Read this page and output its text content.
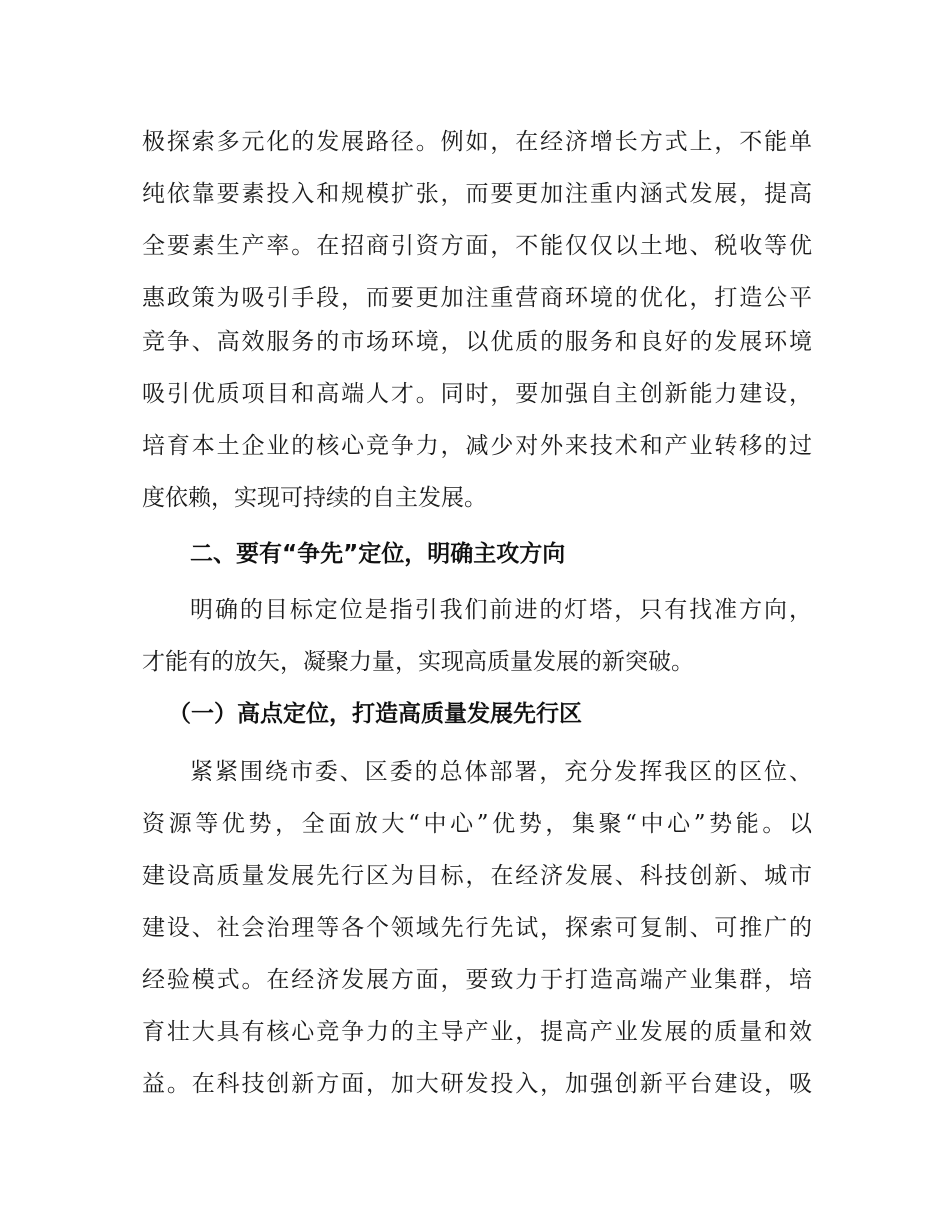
极探索多元化的发展路径。例如，在经济增长方式上，不能单
纯依靠要素投入和规模扩张，而要更加注重内涵式发展，提高
全要素生产率。在招商引资方面，不能仅仅以土地、税收等优
惠政策为吸引手段，而要更加注重营商环境的优化，打造公平
竞争、高效服务的市场环境，以优质的服务和良好的发展环境
吸引优质项目和高端人才。同时，要加强自主创新能力建设，
培育本土企业的核心竞争力，减少对外来技术和产业转移的过
度依赖，实现可持续的自主发展。
二、要有“争先”定位，明确主攻方向
明确的目标定位是指引我们前进的灯塔，只有找准方向，
才能有的放矢，凝聚力量，实现高质量发展的新突破。
（一）高点定位，打造高质量发展先行区
紧紧围绕市委、区委的总体部署，充分发挥我区的区位、
资源等优势，全面放大“中心”优势，集聚“中心”势能。以
建设高质量发展先行区为目标，在经济发展、科技创新、城市
建设、社会治理等各个领域先行先试，探索可复制、可推广的
经验模式。在经济发展方面，要致力于打造高端产业集群，培
育壮大具有核心竞争力的主导产业，提高产业发展的质量和效
益。在科技创新方面，加大研发投入，加强创新平台建设，吸
